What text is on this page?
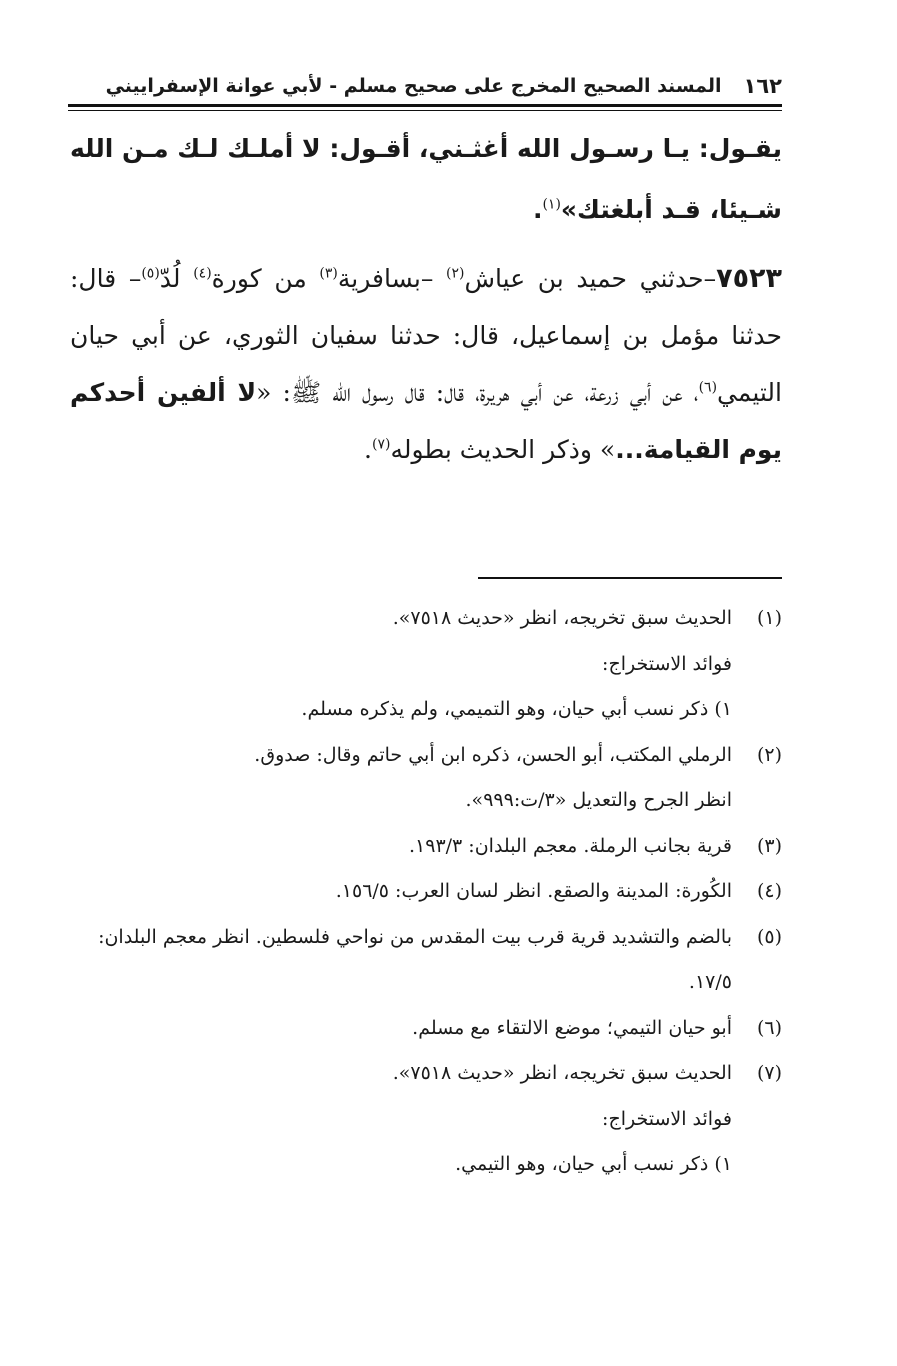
١٦٢
المسند الصحيح المخرج على صحيح مسلم - لأبي عوانة الإسفراييني

يقـول: يـا رسـول الله أغثـني، أقـول: لا أملـك لـك مـن الله شـيئا، قـد أبلغتك»$^{(١)}$.

٧٥٢٣–حدثني حميد بن عياش$^{(٢)}$ –بسافرية$^{(٣)}$ من كورة$^{(٤)}$ لُدّ$^{(٥)}$– قال: حدثنا مؤمل بن إسماعيل، قال: حدثنا سفيان الثوري، عن أبي حيان التيمي$^{(٦)}$، عن أبي زرعة، عن أبي هريرة، قال: قال رسول الله ﷺ: «لا ألفين أحدكم يوم القيامة...» وذكر الحديث بطوله$^{(٧)}$.

(١)
الحديث سبق تخريجه، انظر «حديث ٧٥١٨».
فوائد الاستخراج:
١) ذكر نسب أبي حيان، وهو التميمي، ولم يذكره مسلم.
(٢)
الرملي المكتب، أبو الحسن، ذكره ابن أبي حاتم وقال: صدوق.
انظر الجرح والتعديل «٣/ت:٩٩٩».
(٣)
قرية بجانب الرملة. معجم البلدان: ١٩٣/٣.
(٤)
الكُورة: المدينة والصقع. انظر لسان العرب: ١٥٦/٥.
(٥)
بالضم والتشديد قرية قرب بيت المقدس من نواحي فلسطين. انظر معجم البلدان: ١٧/٥.
(٦)
أبو حيان التيمي؛ موضع الالتقاء مع مسلم.
(٧)
الحديث سبق تخريجه، انظر «حديث ٧٥١٨».
فوائد الاستخراج:
١) ذكر نسب أبي حيان، وهو التيمي.
